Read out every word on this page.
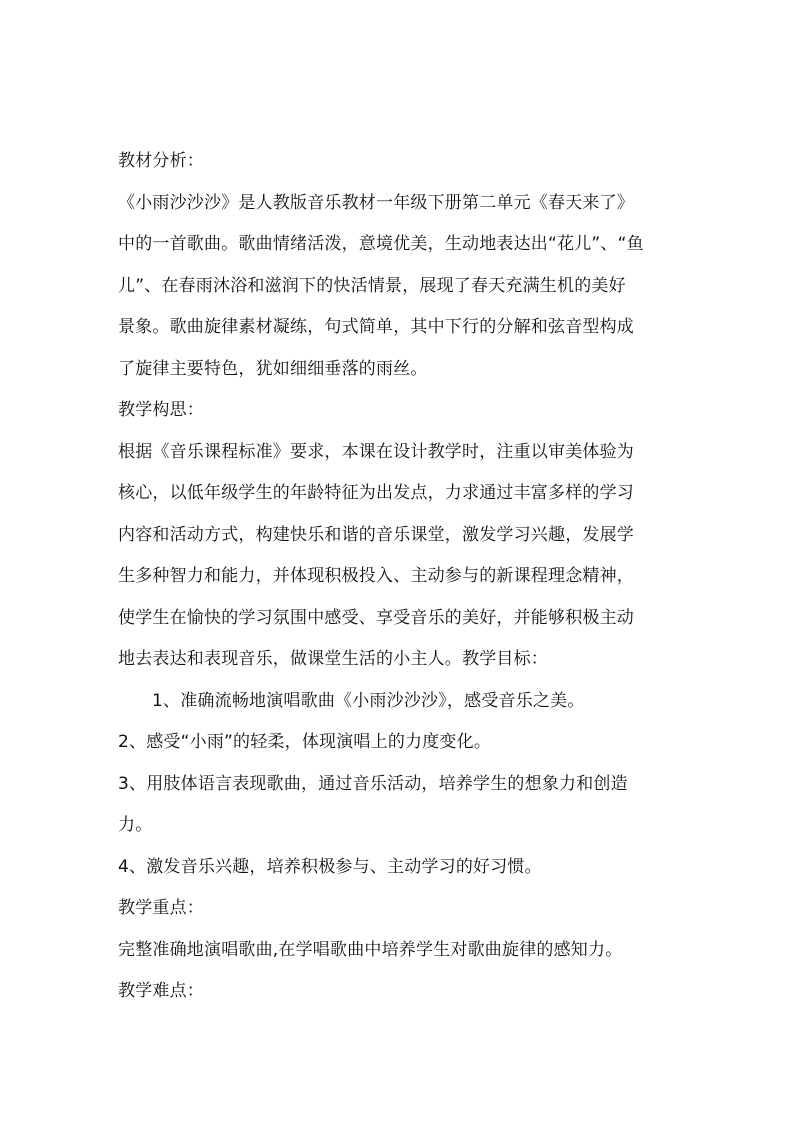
教材分析：
《小雨沙沙沙》是人教版音乐教材一年级下册第二单元《春天来了》
中的一首歌曲。歌曲情绪活泼，意境优美，生动地表达出“花儿”、“鱼
儿”、在春雨沐浴和滋润下的快活情景，展现了春天充满生机的美好
景象。歌曲旋律素材凝练，句式简单，其中下行的分解和弦音型构成
了旋律主要特色，犹如细细垂落的雨丝。
教学构思：
根据《音乐课程标准》要求，本课在设计教学时，注重以审美体验为
核心，以低年级学生的年龄特征为出发点，力求通过丰富多样的学习
内容和活动方式，构建快乐和谐的音乐课堂，激发学习兴趣，发展学
生多种智力和能力，并体现积极投入、主动参与的新课程理念精神，
使学生在愉快的学习氛围中感受、享受音乐的美好，并能够积极主动
地去表达和表现音乐，做课堂生活的小主人。教学目标：
1、准确流畅地演唱歌曲《小雨沙沙沙》，感受音乐之美。
2、感受“小雨”的轻柔，体现演唱上的力度变化。
3、用肢体语言表现歌曲，通过音乐活动，培养学生的想象力和创造
力。
4、激发音乐兴趣，培养积极参与、主动学习的好习惯。
教学重点：
完整准确地演唱歌曲,在学唱歌曲中培养学生对歌曲旋律的感知力。
教学难点：
